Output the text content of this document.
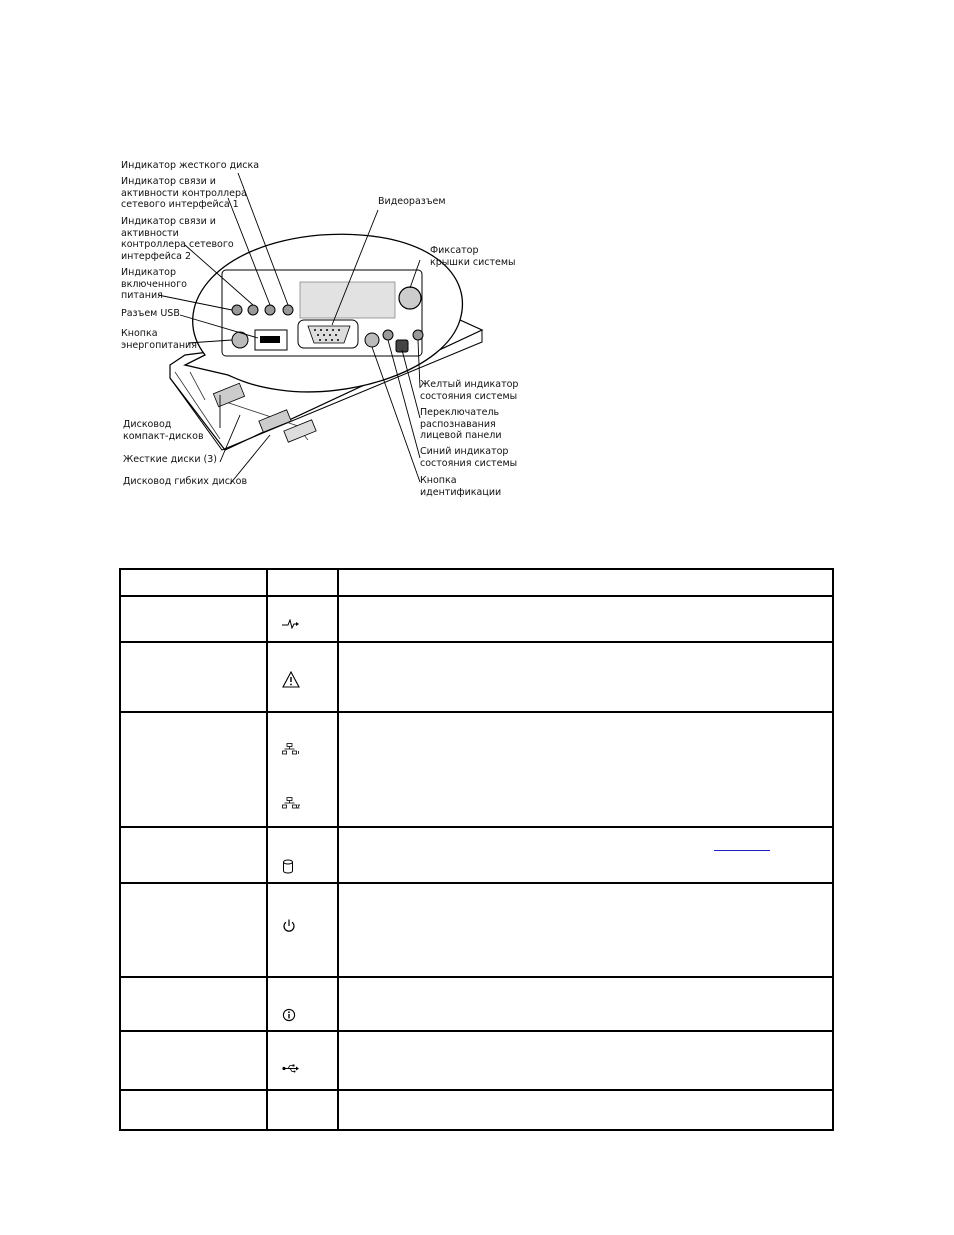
Индикатор жесткого диска
Индикатор связи и
активности контроллера
сетевого интерфейса 1
Индикатор связи и
активности
контроллера сетевого
интерфейса 2
Индикатор
включенного
питания
Разъем USB
Кнопка
энергопитания
Видеоразъем
Фиксатор
крышки системы
Желтый индикатор
состояния системы
Переключатель
распознавания
лицевой панели
Синий индикатор
состояния системы
Кнопка
идентификации
Дисковод
компакт-дисков
Жесткие диски (3)
Дисковод гибких дисков
